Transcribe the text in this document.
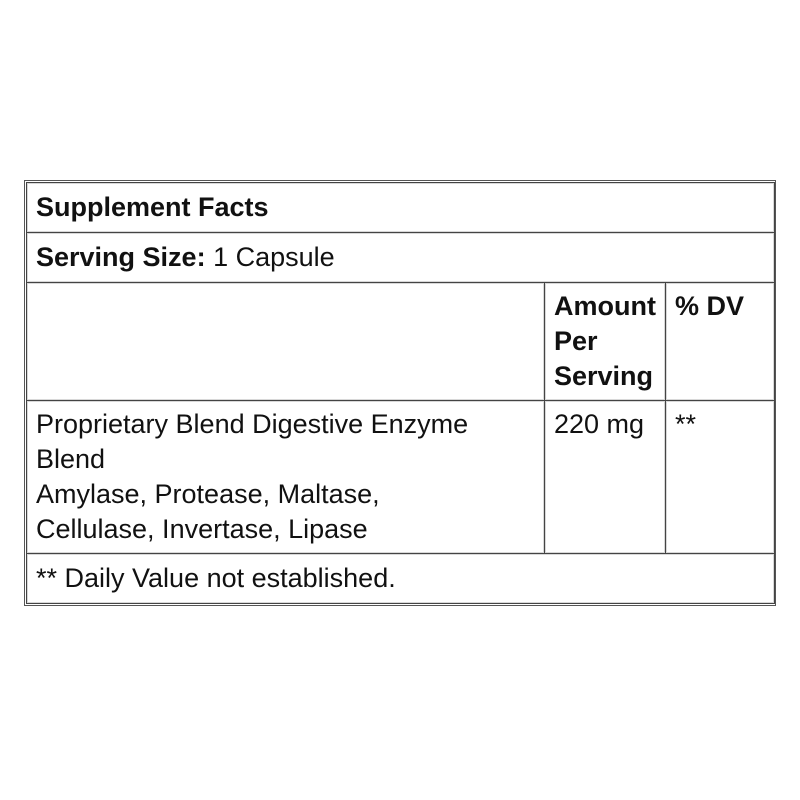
Supplement Facts		
Serving Size: 1 Capsule		

	Amount
Per
Serving	% DV

Proprietary Blend Digestive Enzyme
Blend
Amylase, Protease, Maltase,
Cellulase, Invertase, Lipase	220 mg	**
** Daily Value not established.		
